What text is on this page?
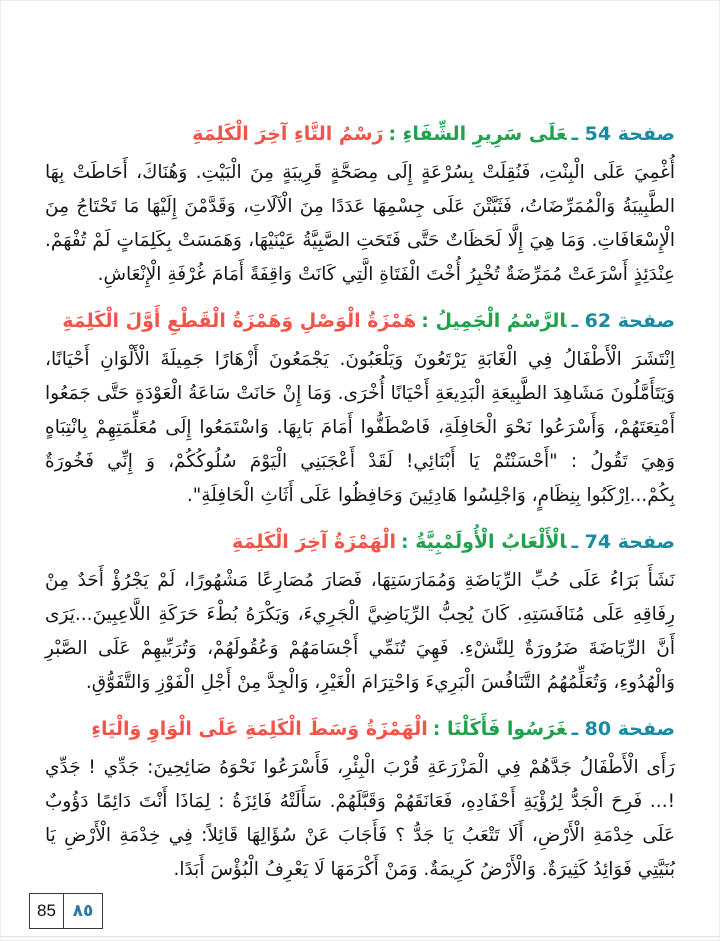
صفحة 54 ـعَلَى سَرِيرِ الشِّفَاءِ :رَسْمُ التَّاءِ آخِرَ الْكَلِمَةِ

أُغْمِيَ عَلَى الْبِنْتِ، فَنُقِلَتْ بِسُرْعَةٍ إِلَى مِصَحَّةٍ قَرِيبَةٍ مِنَ الْبَيْتِ. وَهُنَاكَ، أَحَاطَتْ بِهَا الطَّبِيبَةُ وَالْمُمَرِّضَاتُ، فَثَبَّتْنَ عَلَى جِسْمِهَا عَدَدًا مِنَ الْآلَاتِ، وَقَدَّمْنَ إِلَيْهَا مَا تَحْتَاجُ مِنَ الْإِسْعَافَاتِ. وَمَا هِيَ إِلَّا لَحَظَاتٌ حَتَّى فَتَحَتِ الصَّبِيَّةُ عَيْنَيْهَا، وَهَمَسَتْ بِكَلِمَاتٍ لَمْ تُفْهَمْ. عِنْدَئِذٍ أَسْرَعَتْ مُمَرِّضَةٌ تُخْبِرُ أُخْتَ الْفَتَاةِ الَّتِي كَانَتْ وَاقِفَةً أَمَامَ غُرْفَةِ الْإِنْعَاشِ.

صفحة 62 ـالرَّسْمُ الْجَمِيلُ :هَمْزَةُ الْوَصْلِ وَهَمْزَةُ الْقَطْعِ أَوَّلَ الْكَلِمَةِ

اِنْتَشَرَ الْأَطْفَالُ فِي الْغَابَةِ يَرْتَعُونَ وَيَلْعَبُونَ. يَجْمَعُونَ أَزْهَارًا جَمِيلَةَ الْأَلْوَانِ أَحْيَانًا، وَيَتَأَمَّلُونَ مَشَاهِدَ الطَّبِيعَةِ الْبَدِيعَةِ أَحْيَانًا أُخْرَى. وَمَا إِنْ حَانَتْ سَاعَةُ الْعَوْدَةِ حَتَّى جَمَعُوا أَمْتِعَتَهُمْ، وَأَسْرَعُوا نَحْوَ الْحَافِلَةِ، فَاصْطَفُّوا أَمَامَ بَابِهَا. وَاسْتَمَعُوا إِلَى مُعَلِّمَتِهِمْ بِانْتِبَاهٍ وَهِيَ تَقُولُ : "أَحْسَنْتُمْ يَا أَبْنَائِي! لَقَدْ أَعْجَبَنِي الْيَوْمَ سُلُوكُكُمْ، وَ إِنِّي فَخُورَةٌ بِكُمْ...اِرْكَبُوا بِنِظَامٍ، وَاجْلِسُوا هَادِئِينَ وَحَافِظُوا عَلَى أَثَاثِ الْحَافِلَةِ".

صفحة 74 ـالْأَلْعَابُ الْأُولَمْبِيَّةُ :الْهَمْزَةُ آخِرَ الْكَلِمَةِ

نَشَأَ بَرَاءُ عَلَى حُبِّ الرِّيَاضَةِ وَمُمَارَسَتِهَا، فَصَارَ مُصَارِعًا مَشْهُورًا، لَمْ يَجْرُؤْ أَحَدٌ مِنْ رِفَاقِهِ عَلَى مُنَافَسَتِهِ. كَانَ يُحِبُّ الرِّيَاضِيَّ الْجَرِيءَ، وَيَكْرَهُ بُطْءَ حَرَكَةِ اللَّاعِبِينَ...يَرَى أَنَّ الرِّيَاضَةَ ضَرُورَةٌ لِلنَّشْءِ. فَهِيَ تُنَمِّي أَجْسَامَهُمْ وَعُقُولَهُمْ، وَتُرَبِّيهِمْ عَلَى الصَّبْرِ وَالْهُدُوءِ، وَتُعَلِّمُهُمُ التَّنَافُسَ الْبَرِيءَ وَاحْتِرَامَ الْغَيْرِ، وَالْجِدَّ مِنْ أَجْلِ الْفَوْزِ وَالتَّفَوُّقِ.

صفحة 80 ـغَرَسُوا فَأَكَلْنَا :الْهَمْزَةُ وَسَطَ الْكَلِمَةِ عَلَى الْوَاوِ وَالْيَاءِ

رَأَى الْأَطْفَالُ جَدَّهُمْ فِي الْمَزْرَعَةِ قُرْبَ الْبِئْرِ، فَأَسْرَعُوا نَحْوَهُ صَائِحِينَ: جَدِّي ! جَدِّي !... فَرِحَ الْجَدُّ لِرُؤْيَةِ أَحْفَادِهِ، فَعَانَقَهُمْ وَقَبَّلَهُمْ. سَأَلَتْهُ فَائِزَةُ : لِمَاذَا أَنْتَ دَائِمًا دَؤُوبٌ عَلَى خِدْمَةِ الْأَرْضِ، أَلَا تَتْعَبُ يَا جَدُّ ؟ فَأَجَابَ عَنْ سُؤَالِهَا قَائِلاً: فِي خِدْمَةِ الْأَرْضِ يَا بُنَيَّتِي فَوَائِدُ كَثِيرَةٌ. وَالْأَرْضُ كَرِيمَةٌ. وَمَنْ أَكْرَمَهَا لَا يَعْرِفُ الْبُؤْسَ أَبَدًا.

85 ٨٥
